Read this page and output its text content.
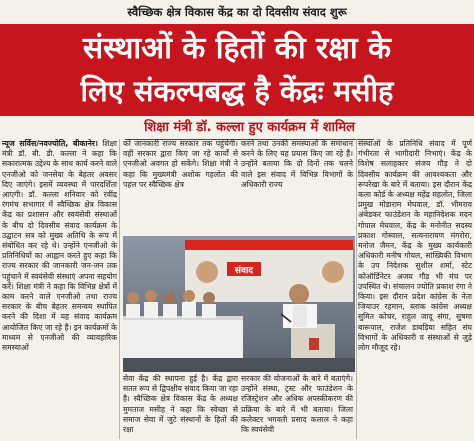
स्वैच्छिक क्षेत्र विकास केंद्र का दो दिवसीय संवाद शुरू
संस्थाओं के हितों की रक्षा के
लिए संकल्पबद्ध है केंद्रः मसीह
शिक्षा मंत्री डॉ. कल्ला हुए कार्यक्रम में शामिल
न्यूज सर्विस/नवज्योति, बीकानेर। शिक्षा मंत्री डॉ. बी. डी. कल्ला ने कहा कि सकारात्मक उद्देश्य के साथ कार्य करने वाले एनजीओ को जनसेवा के बेहतर अवसर दिए जाएंगे। इसमें व्यवस्था में पारदर्शिता आएगी। डॉ. कल्ला शनिवार को रवींद्र रंगमंच सभागार में स्वैच्छिक क्षेत्र विकास केंद्र का प्रशासन और स्वयंसेवी संस्थाओं के बीच दो दिवसीय संवाद कार्यक्रम के उद्घाटन सत्र को मुख्य अतिथि के रूप में संबोधित कर रहे थे। उन्होंने एनजीओ के प्रतिनिधियों का आह्वान करते हुए कहा कि राज्य सरकार की जानकारी जन-जन तक पहुंचाने में स्वयंसेवी संस्थाएं अपना सहयोग करें। शिक्षा मंत्री ने कहा कि विभिन्न क्षेत्रों में काम करने वाले एनजीओ तथा राज्य सरकार के बीच बेहतर समन्वय स्थापित करने की दिशा में यह संवाद कार्यक्रम आयोजित किए जा रहे हैं। इन कार्यक्रमों के माध्यम से एनजीओ की व्यावहारिक समस्याओं
को जानकारी राज्य सरकार तक पहुंचेगी। वहीं सरकार द्वारा किए जा रहे कार्यों से एनजीओ अवगत हो सकेंगे। शिक्षा मंत्री ने कहा कि मुख्यमंत्री अशोक गहलोत की पहल पर स्वैच्छिक क्षेत्र
करने तथा उनकी समस्याओं के समाधान करने के लिए यह प्रयास किए जा रहे हैं। उन्होंने बताया कि दो दिनों तक चलने वाले इस संवाद में विभिन्न विभागों के अधिकारी राज्य
संस्थाओं के प्रतिनिधि संवाद में पूर्ण गंभीरता से भागीदारी निभाएं। केंद्र के विशेष सलाहकार संजय गौड़ ने दो दिवसीय कार्यक्रम की आवश्यकता और रूपरेखा के बारे में बताया। इस दौरान केंद्र कला कोर्ड के अध्यक्ष महेंद्र महलोत, जिला प्रमुख मोडाराम मेघवाल, डॉ. भीमराव अंबेडकर फाउंडेशन के महानिदेशक मदन गोपाल मेघवाल, केंद्र के मनोनीत सदस्य प्रकाश गोस्वाल, सत्यनारायण मंगरोरा, मनोज जैमन, केंद्र के मुख्य कार्यकारी अधिकारी मनीष गोयल, सांख्यिकी विभाग के उप निदेशक सुशील शर्मा, स्टेट कोऑर्डिनेटर अजय गौड़ भी मंच पर उपस्थित थे। संचालन ज्योति प्रकाश रंगा ने किया। इस दौरान प्रदेश कांग्रेस के नेता जियाउर रहमान, ब्लाक कांग्रेस अध्यक्ष सुमित कोचर, राहुल जादू संगा, सुषमा बारूपाल, राजेश डाबड़िया सहित संघ विभागों के अधिकारी व संस्थाओं से जुड़े लोग मौजूद रहे।
संवाद
सेवा केंद्र की स्थापना हुई है। केंद्र द्वारा सतत रूप से द्विपक्षीय संवाद किया जा रहा है। स्वैच्छिक क्षेत्र विकास केंद्र के अध्यक्ष मुमताज मसीह ने कहा कि स्वेच्छा से समाज सेवा में जुटे संस्थानों के हितों की रक्षा
सरकार की योजनाओं के बारे में बताएंगे। उन्होंने संस्था, ट्रस्ट और फाउंडेशन के रजिस्ट्रेशन और अधिक अपस्कीकरण की प्रक्रिया के बारे में भी बताया। जिला कलेक्टर भगवती प्रसाद कलाल ने कहा कि स्वयंसेवी
